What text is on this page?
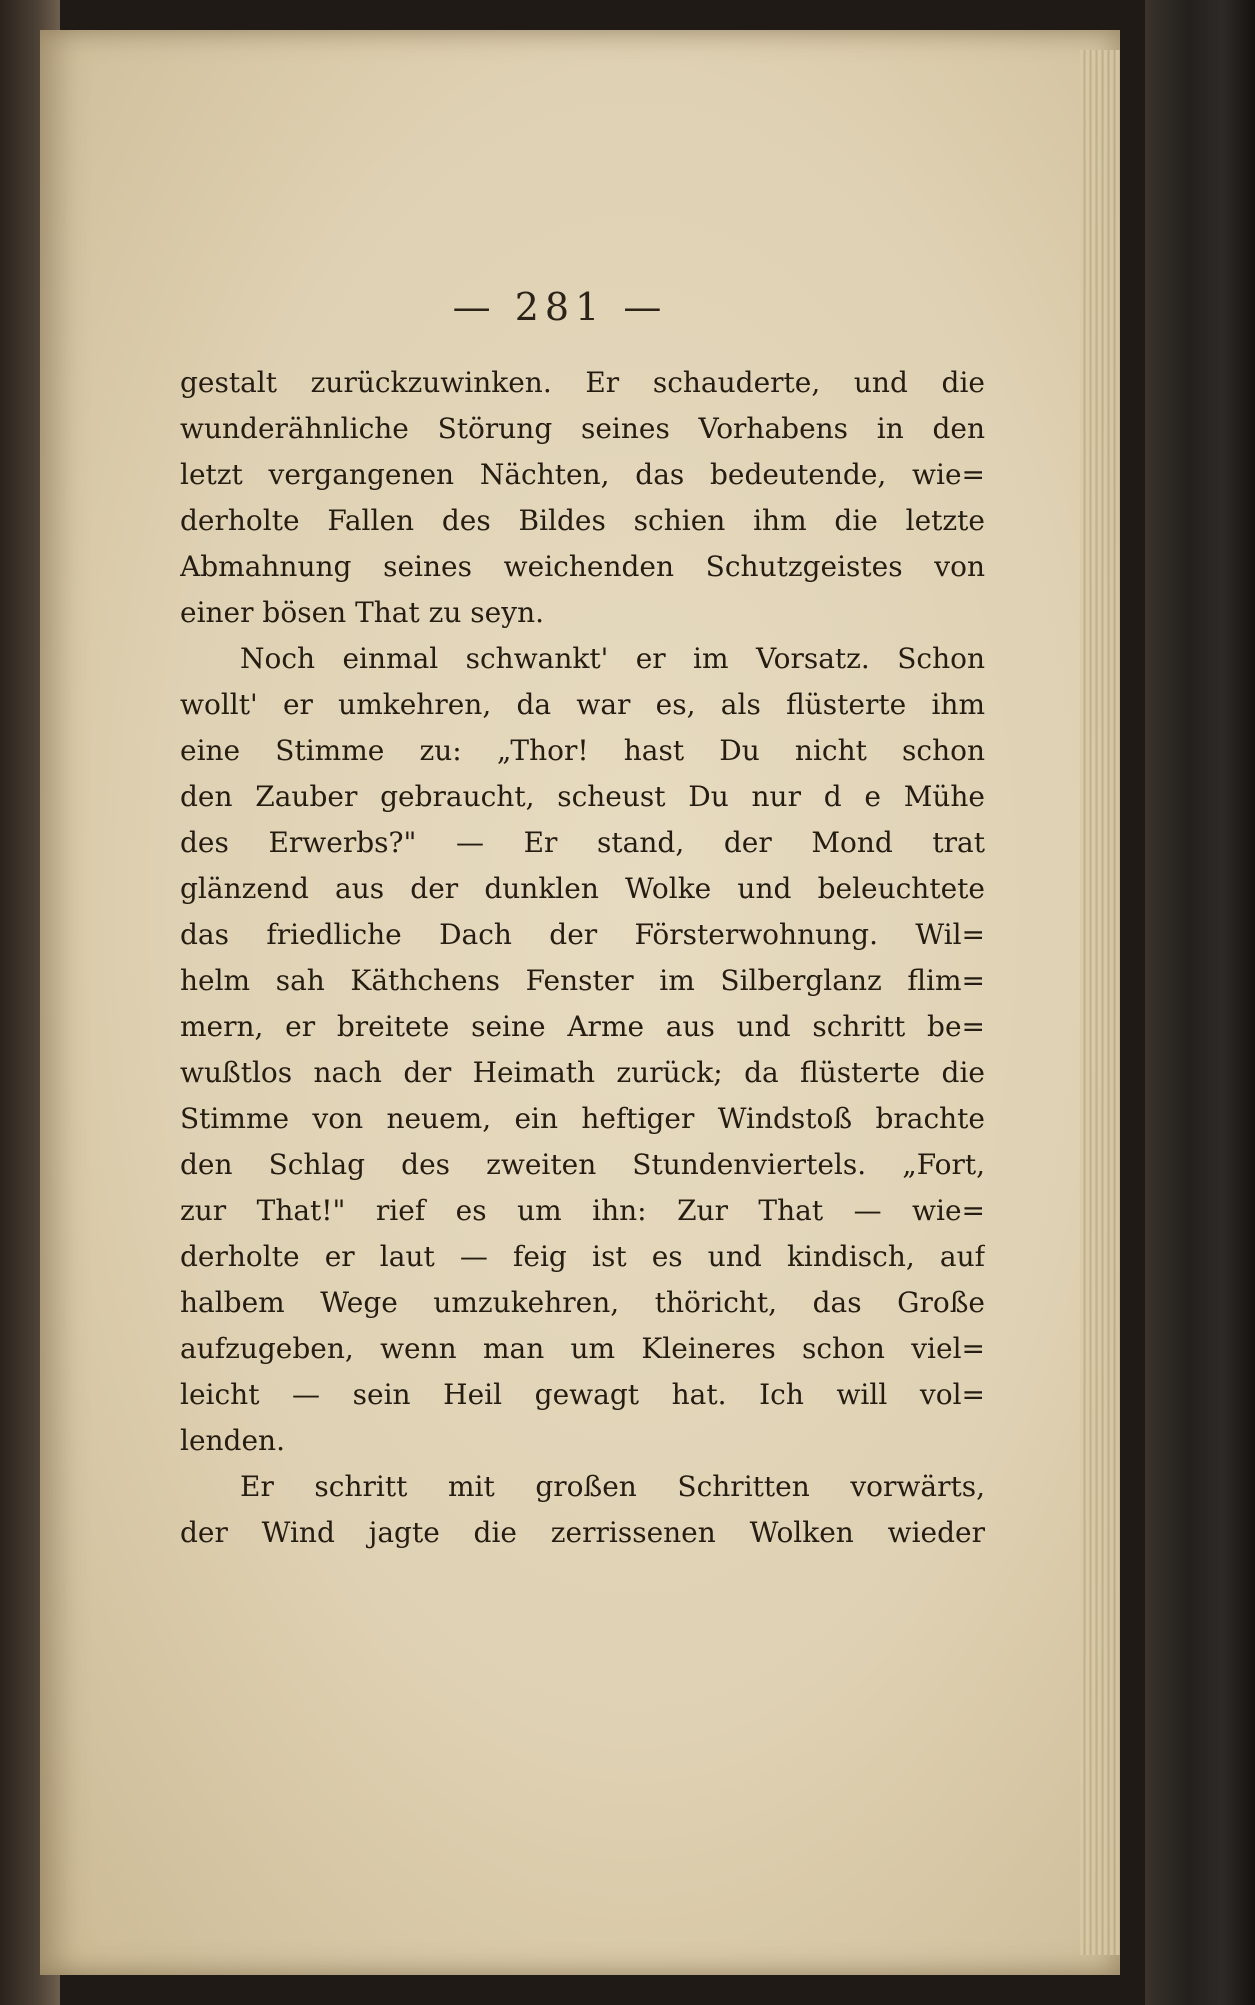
— 281 —
gestalt zurückzuwinken. Er schauderte, und die
wunderähnliche Störung seines Vorhabens in den
letzt vergangenen Nächten, das bedeutende, wie=
derholte Fallen des Bildes schien ihm die letzte
Abmahnung seines weichenden Schutzgeistes von
einer bösen That zu seyn.
Noch einmal schwankt' er im Vorsatz. Schon
wollt' er umkehren, da war es, als flüsterte ihm
eine Stimme zu: „Thor! hast Du nicht schon
den Zauber gebraucht, scheust Du nur d e Mühe
des Erwerbs?" — Er stand, der Mond trat
glänzend aus der dunklen Wolke und beleuchtete
das friedliche Dach der Försterwohnung. Wil=
helm sah Käthchens Fenster im Silberglanz flim=
mern, er breitete seine Arme aus und schritt be=
wußtlos nach der Heimath zurück; da flüsterte die
Stimme von neuem, ein heftiger Windstoß brachte
den Schlag des zweiten Stundenviertels. „Fort,
zur That!" rief es um ihn: Zur That — wie=
derholte er laut — feig ist es und kindisch, auf
halbem Wege umzukehren, thöricht, das Große
aufzugeben, wenn man um Kleineres schon viel=
leicht — sein Heil gewagt hat. Ich will vol=
lenden.
Er schritt mit großen Schritten vorwärts,
der Wind jagte die zerrissenen Wolken wieder
